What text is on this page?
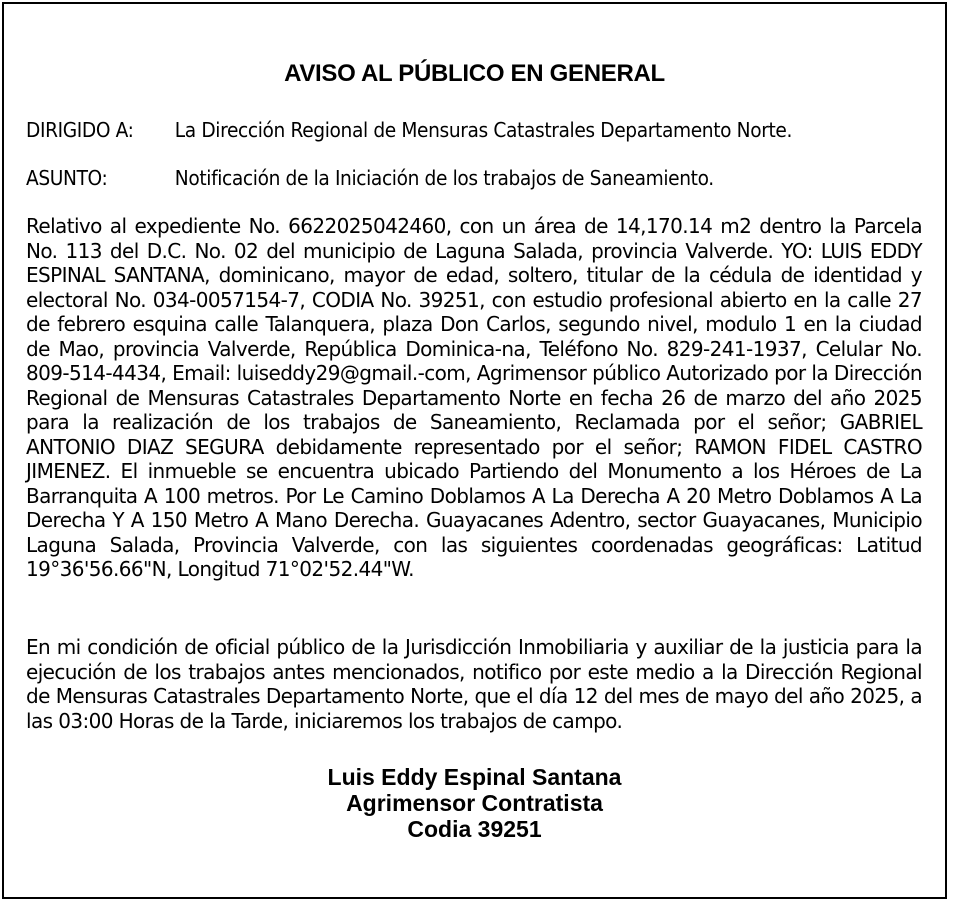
AVISO AL PÚBLICO EN GENERAL
DIRIGIDO A: La Dirección Regional de Mensuras Catastrales Departamento Norte.
ASUNTO:	Notificación de la Iniciación de los trabajos de Saneamiento.
Relativo al expediente No. 6622025042460, con un área de 14,170.14 m2 dentro la Parcela No. 113 del D.C. No. 02 del municipio de Laguna Salada, provincia Valverde. YO: LUIS EDDY ESPINAL SANTANA, dominicano, mayor de edad, soltero, titular de la cédula de identidad y electoral No. 034-0057154-7, CODIA No. 39251, con estudio profesional abierto en la calle 27 de febrero esquina calle Talanquera, plaza Don Carlos, segundo nivel, modulo 1 en la ciudad de Mao, provincia Valverde, República Dominica-na, Teléfono No. 829-241-1937, Celular No. 809-514-4434, Email: luiseddy29@gmail.-com, Agrimensor público Autorizado por la Dirección Regional de Mensuras Catastrales Departamento Norte en fecha 26 de marzo del año 2025 para la realización de los trabajos de Saneamiento, Reclamada por el señor; GABRIEL ANTONIO DIAZ SEGURA debidamente representado por el señor; RAMON FIDEL CASTRO JIMENEZ. El inmueble se encuentra ubicado Partiendo del Monumento a los Héroes de La Barranquita A 100 metros. Por Le Camino Doblamos A La Derecha A 20 Metro Doblamos A La Derecha Y A 150 Metro A Mano Derecha. Guayacanes Adentro, sector Guayacanes, Municipio Laguna Salada, Provincia Valverde, con las siguientes coordenadas geográficas: Latitud 19°36'56.66"N, Longitud 71°02'52.44"W.
En mi condición de oficial público de la Jurisdicción Inmobiliaria y auxiliar de la justicia para la ejecución de los trabajos antes mencionados, notifico por este medio a la Dirección Regional de Mensuras Catastrales Departamento Norte, que el día 12 del mes de mayo del año 2025, a las 03:00 Horas de la Tarde, iniciaremos los trabajos de campo.
Luis Eddy Espinal Santana
Agrimensor Contratista
Codia 39251
